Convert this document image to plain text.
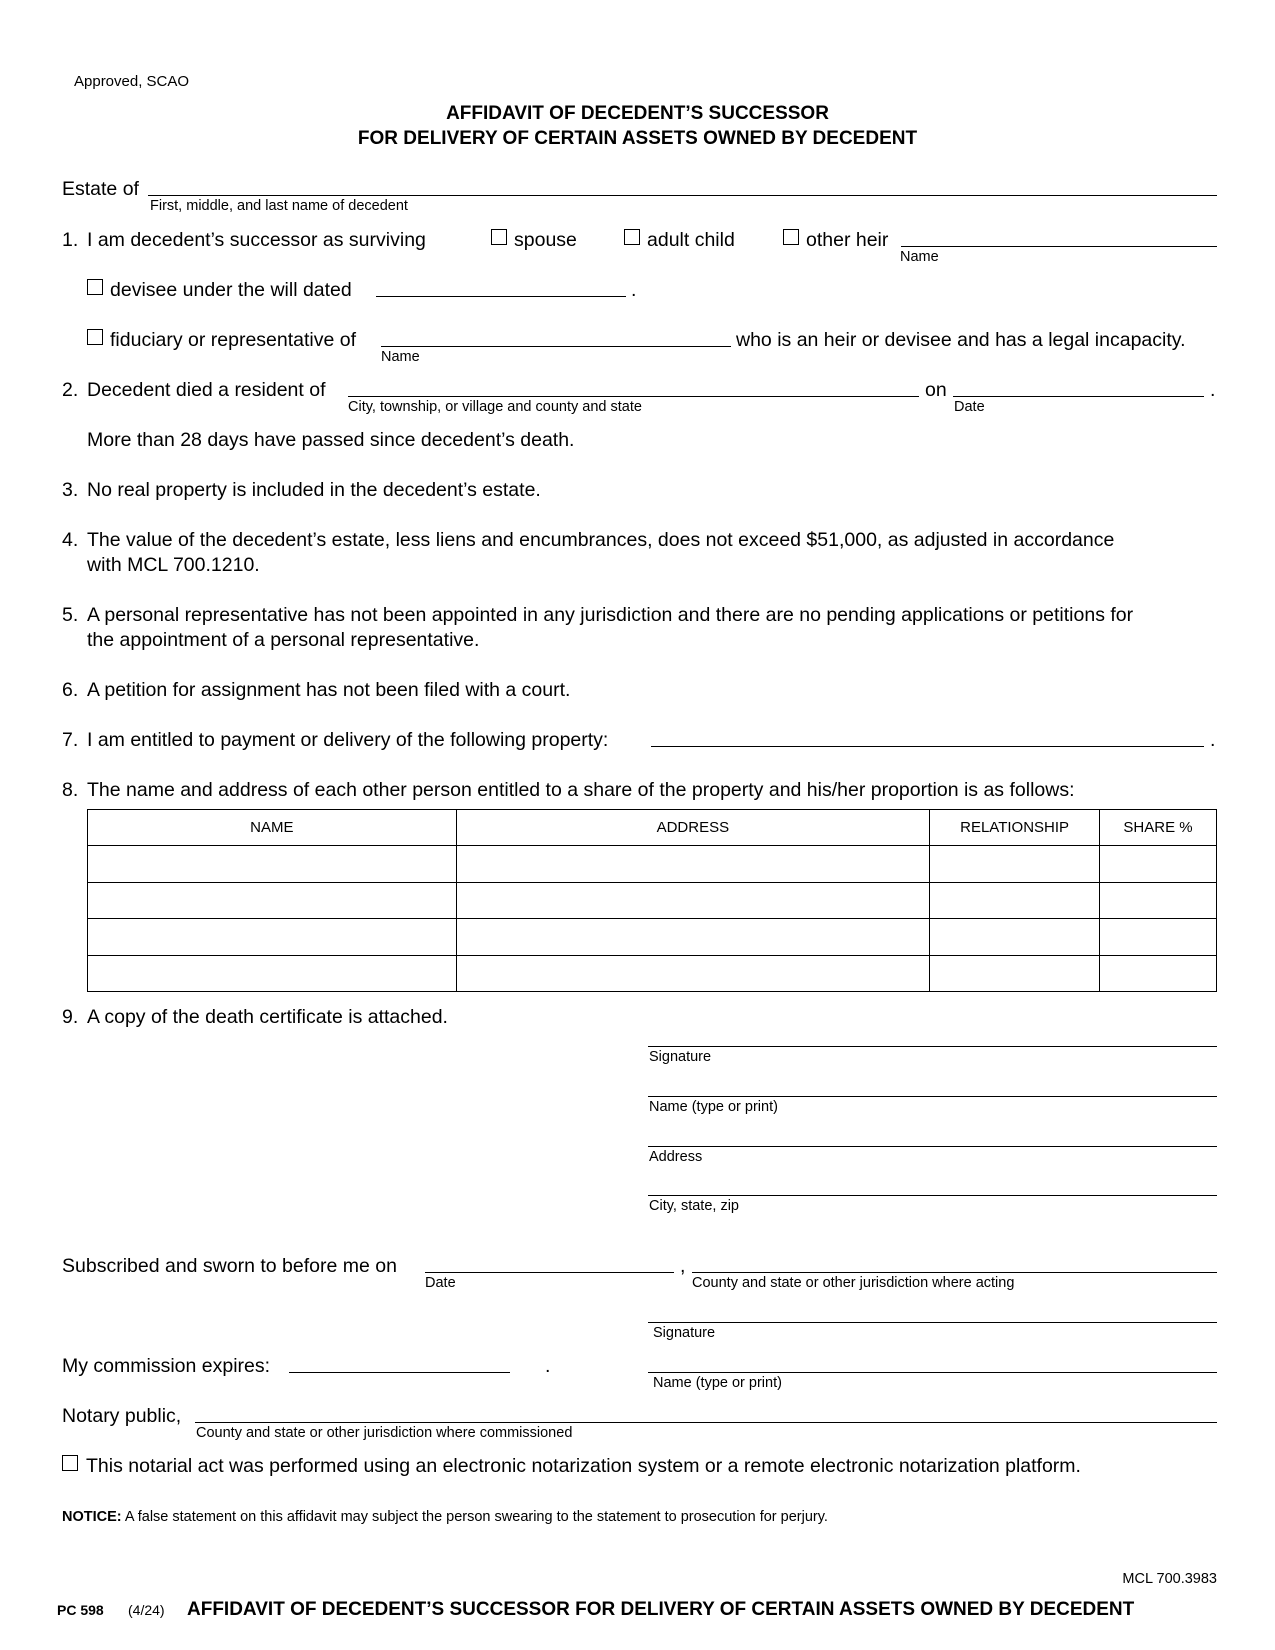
Approved, SCAO
AFFIDAVIT OF DECEDENT’S SUCCESSOR
FOR DELIVERY OF CERTAIN ASSETS OWNED BY DECEDENT
Estate of
First, middle, and last name of decedent
1. I am decedent’s successor as surviving	spouse	adult child	other heir
Name
devisee under the will dated	.
fiduciary or representative of	who is an heir or devisee and has a legal incapacity.
Name
2. Decedent died a resident of
City, township, or village and county and state
on
Date
.
More than 28 days have passed since decedent’s death.
3. No real property is included in the decedent’s estate.
4. The value of the decedent’s estate, less liens and encumbrances, does not exceed $51,000, as adjusted in accordance
with MCL 700.1210.
5. A personal representative has not been appointed in any jurisdiction and there are no pending applications or petitions for
the appointment of a personal representative.
6. A petition for assignment has not been filed with a court.
7. I am entitled to payment or delivery of the following property:	.
8. The name and address of each other person entitled to a share of the property and his/her proportion is as follows:
NAME	ADDRESS	RELATIONSHIP	SHARE %

9. A copy of the death certificate is attached.
Signature
Name (type or print)
Address
City, state, zip
Subscribed and sworn to before me on
Date
,
County and state or other jurisdiction where acting
Signature
My commission expires:	.
Name (type or print)
Notary public,
County and state or other jurisdiction where commissioned
This notarial act was performed using an electronic notarization system or a remote electronic notarization platform.
NOTICE: A false statement on this affidavit may subject the person swearing to the statement to prosecution for perjury.
MCL 700.3983
PC 598 (4/24) AFFIDAVIT OF DECEDENT’S SUCCESSOR FOR DELIVERY OF CERTAIN ASSETS OWNED BY DECEDENT
